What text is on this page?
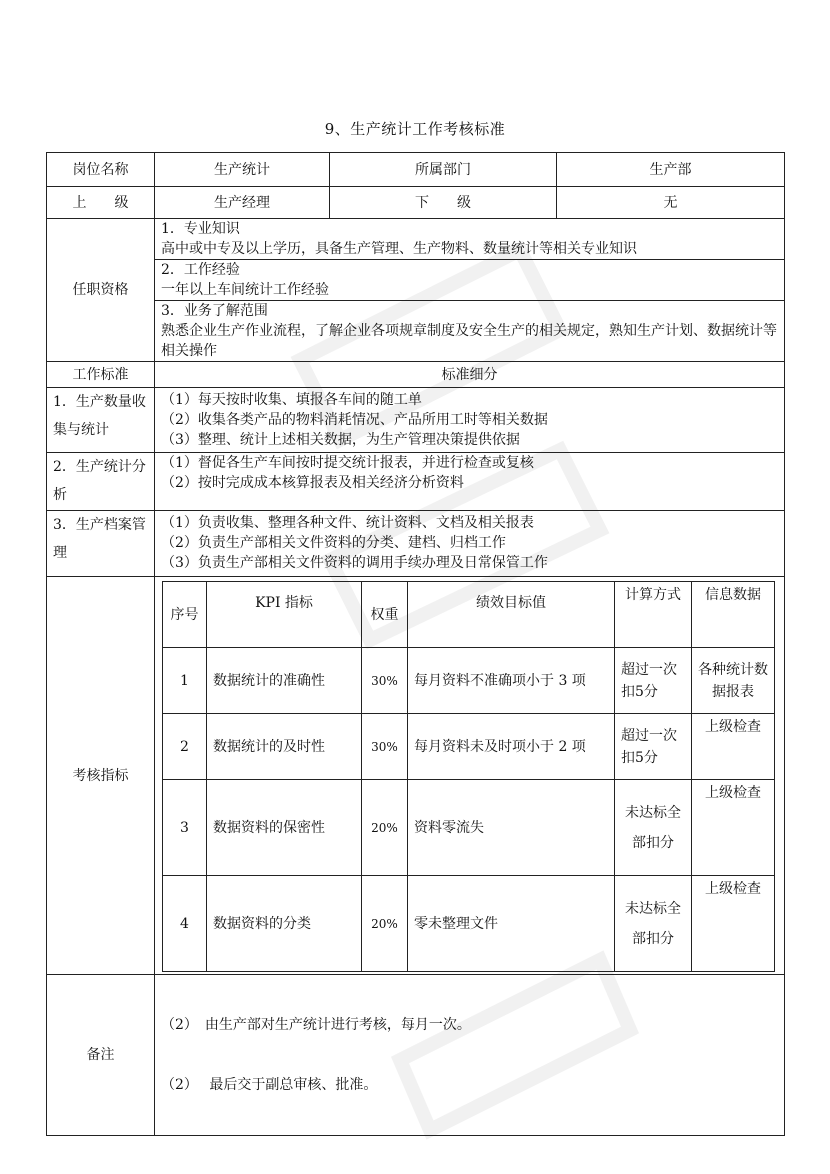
9、生产统计工作考核标准
岗位名称	生产统计	所属部门	生产部
上　　级	生产经理	下　　级	无
任职资格	
1．专业知识
高中或中专及以上学历，具备生产管理、生产物料、数量统计等相关专业知识
2．工作经验
一年以上车间统计工作经验
3．业务了解范围
熟悉企业生产作业流程，了解企业各项规章制度及安全生产的相关规定，熟知生产计划、数据统计等相关操作

工作标准	标准细分
1．生产数量收集与统计	
（1）每天按时收集、填报各车间的随工单
（2）收集各类产品的物料消耗情况、产品所用工时等相关数据
（3）整理、统计上述相关数据，为生产管理决策提供依据

2．生产统计分析	
（1）督促各生产车间按时提交统计报表，并进行检查或复核
（2）按时完成成本核算报表及相关经济分析资料

3．生产档案管理	
（1）负责收集、整理各种文件、统计资料、文档及相关报表
（2）负责生产部相关文件资料的分类、建档、归档工作
（3）负责生产部相关文件资料的调用手续办理及日常保管工作

考核指标	
序号	KPI 指标	权重	绩效目标值	计算方式	信息数据
1	数据统计的准确性	30%	每月资料不准确项小于 3 项	超过一次扣5分	各种统计数据报表
2	数据统计的及时性	30%	每月资料未及时项小于 2 项	超过一次扣5分	上级检查
3	数据资料的保密性	20%	资料零流失	未达标全部扣分	上级检查
4	数据资料的分类	20%	零未整理文件	未达标全部扣分	上级检查

备注	

（2）　由生产部对生产统计进行考核，每月一次。

（2）　 最后交于副总审核、批准。
